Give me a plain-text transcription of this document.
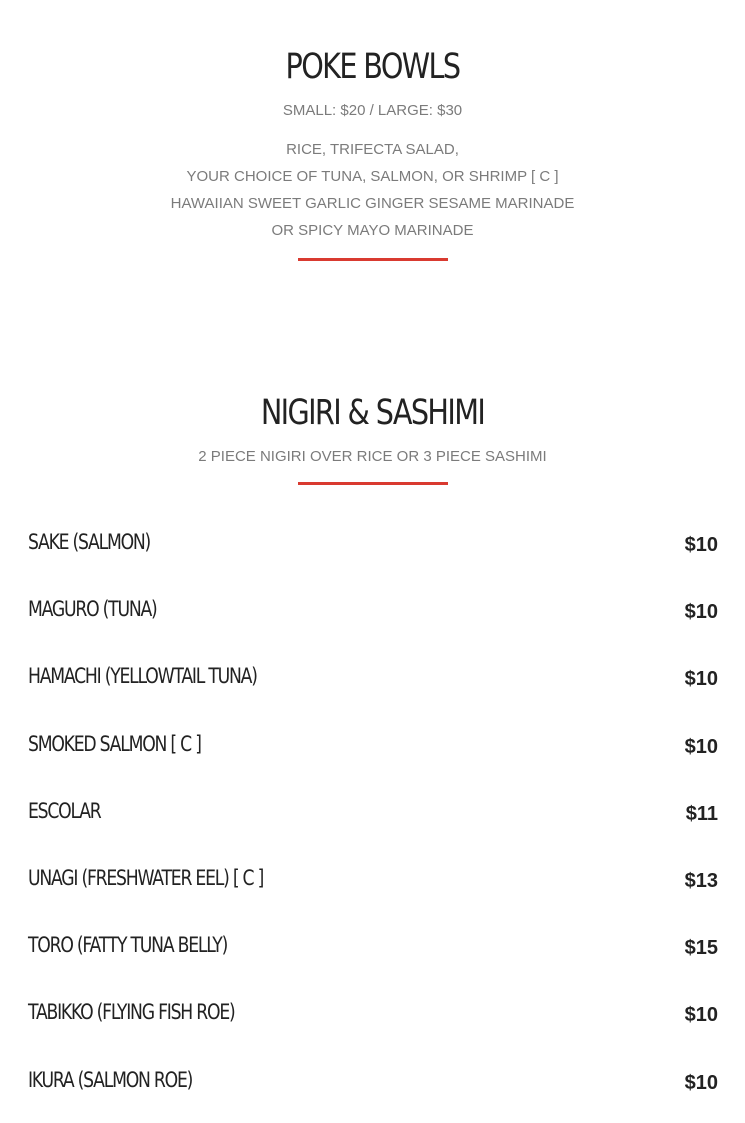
POKE BOWLS
SMALL: $20 / LARGE: $30
RICE, TRIFECTA SALAD,
YOUR CHOICE OF TUNA, SALMON, OR SHRIMP [ C ]
HAWAIIAN SWEET GARLIC GINGER SESAME MARINADE
OR SPICY MAYO MARINADE
NIGIRI & SASHIMI
2 PIECE NIGIRI OVER RICE OR 3 PIECE SASHIMI
SAKE (SALMON)	$10
MAGURO (TUNA)	$10
HAMACHI (YELLOWTAIL TUNA)	$10
SMOKED SALMON [ C ]	$10
ESCOLAR	$11
UNAGI (FRESHWATER EEL) [ C ]	$13
TORO (FATTY TUNA BELLY)	$15
TABIKKO (FLYING FISH ROE)	$10
IKURA (SALMON ROE)	$10
